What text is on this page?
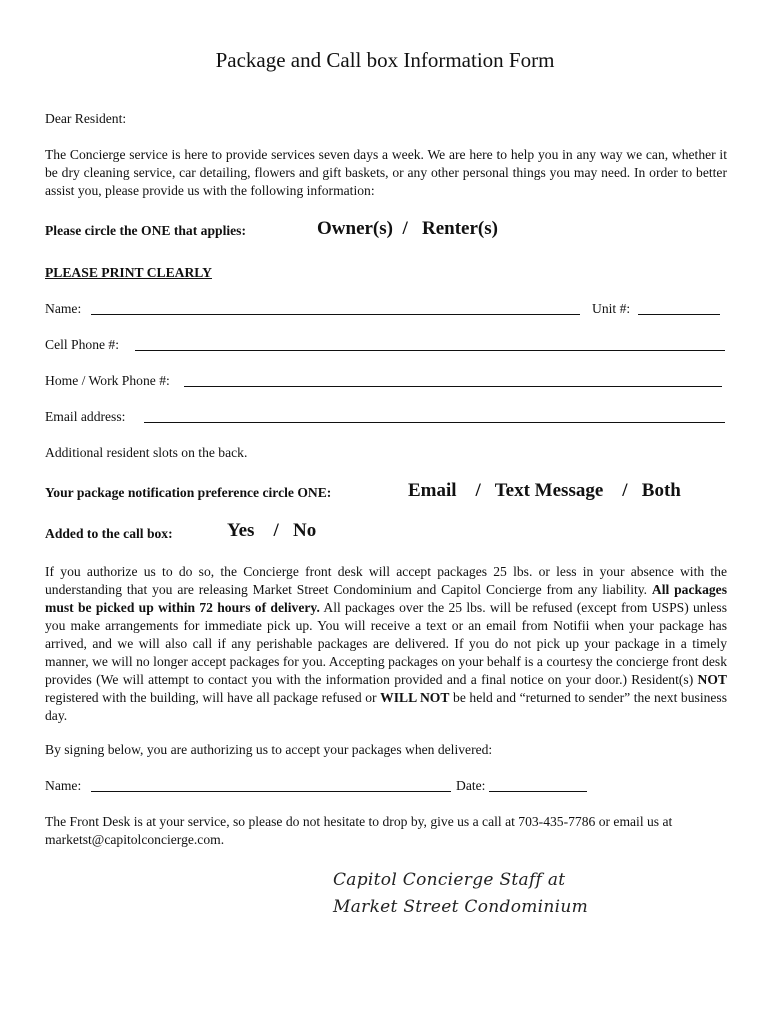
Package and Call box Information Form
Dear Resident:
The Concierge service is here to provide services seven days a week. We are here to help you in any way we can, whether it be dry cleaning service, car detailing, flowers and gift baskets, or any other personal things you may need. In order to better assist you, please provide us with the following information:
Please circle the ONE that applies:	Owner(s)  /   Renter(s)
PLEASE PRINT CLEARLY
Name:	Unit #:
Cell Phone #:
Home / Work Phone #:
Email address:
Additional resident slots on the back.
Your package notification preference circle ONE:	Email    /   Text Message    /   Both
Added to the call box:	Yes    /   No
If you authorize us to do so, the Concierge front desk will accept packages 25 lbs. or less in your absence with the understanding that you are releasing Market Street Condominium and Capitol Concierge from any liability. All packages must be picked up within 72 hours of delivery. All packages over the 25 lbs. will be refused (except from USPS) unless you make arrangements for immediate pick up. You will receive a text or an email from Notifii when your package has arrived, and we will also call if any perishable packages are delivered. If you do not pick up your package in a timely manner, we will no longer accept packages for you. Accepting packages on your behalf is a courtesy the concierge front desk provides (We will attempt to contact you with the information provided and a final notice on your door.) Resident(s) NOT registered with the building, will have all package refused or WILL NOT be held and “returned to sender” the next business day.
By signing below, you are authorizing us to accept your packages when delivered:
Name:	Date:
The Front Desk is at your service, so please do not hesitate to drop by, give us a call at 703-435-7786 or email us at marketst@capitolconcierge.com.
Capitol Concierge Staff at
Market Street Condominium
